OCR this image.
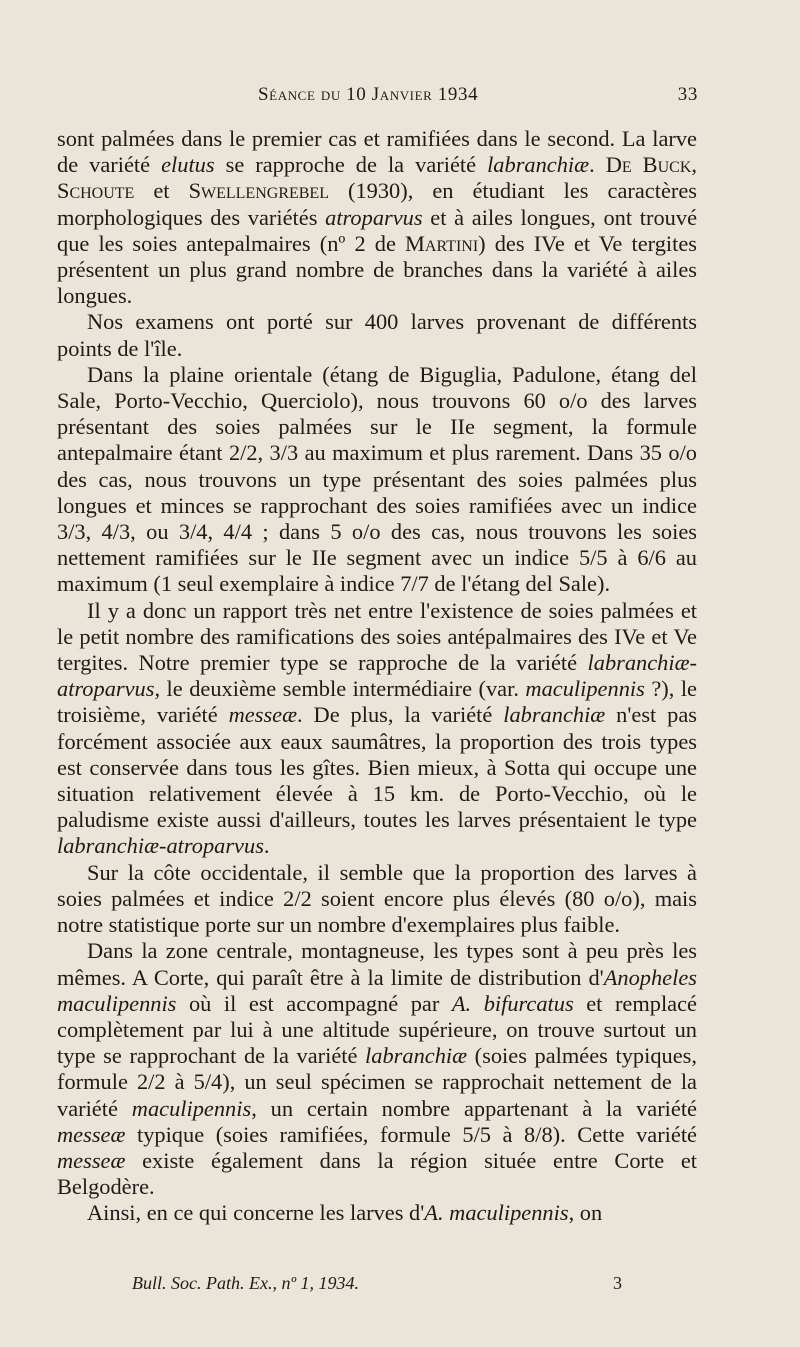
Séance du 10 Janvier 1934	33

sont palmées dans le premier cas et ramifiées dans le second. La larve de variété elutus se rapproche de la variété labranchiæ. De Buck, Schoute et Swellengrebel (1930), en étudiant les caractères morphologiques des variétés atroparvus et à ailes longues, ont trouvé que les soies antepalmaires (nº 2 de Martini) des IVe et Ve tergites présentent un plus grand nombre de branches dans la variété à ailes longues.

Nos examens ont porté sur 400 larves provenant de différents points de l'île.

Dans la plaine orientale (étang de Biguglia, Padulone, étang del Sale, Porto-Vecchio, Querciolo), nous trouvons 60 o/o des larves présentant des soies palmées sur le IIe segment, la formule antepalmaire étant 2/2, 3/3 au maximum et plus rarement. Dans 35 o/o des cas, nous trouvons un type présentant des soies palmées plus longues et minces se rapprochant des soies ramifiées avec un indice 3/3, 4/3, ou 3/4, 4/4 ; dans 5 o/o des cas, nous trouvons les soies nettement ramifiées sur le IIe segment avec un indice 5/5 à 6/6 au maximum (1 seul exemplaire à indice 7/7 de l'étang del Sale).

Il y a donc un rapport très net entre l'existence de soies palmées et le petit nombre des ramifications des soies antépalmaires des IVe et Ve tergites. Notre premier type se rapproche de la variété labranchiæ-atroparvus, le deuxième semble intermédiaire (var. maculipennis ?), le troisième, variété messeæ. De plus, la variété labranchiæ n'est pas forcément associée aux eaux saumâtres, la proportion des trois types est conservée dans tous les gîtes. Bien mieux, à Sotta qui occupe une situation relativement élevée à 15 km. de Porto-Vecchio, où le paludisme existe aussi d'ailleurs, toutes les larves présentaient le type labranchiæ-atroparvus.

Sur la côte occidentale, il semble que la proportion des larves à soies palmées et indice 2/2 soient encore plus élevés (80 o/o), mais notre statistique porte sur un nombre d'exemplaires plus faible.

Dans la zone centrale, montagneuse, les types sont à peu près les mêmes. A Corte, qui paraît être à la limite de distribution d'Anopheles maculipennis où il est accompagné par A. bifurcatus et remplacé complètement par lui à une altitude supérieure, on trouve surtout un type se rapprochant de la variété labranchiæ (soies palmées typiques, formule 2/2 à 5/4), un seul spécimen se rapprochait nettement de la variété maculipennis, un certain nombre appartenant à la variété messeæ typique (soies ramifiées, formule 5/5 à 8/8). Cette variété messeæ existe également dans la région située entre Corte et Belgodère.

Ainsi, en ce qui concerne les larves d'A. maculipennis, on

Bull. Soc. Path. Ex., nº 1, 1934.	3
